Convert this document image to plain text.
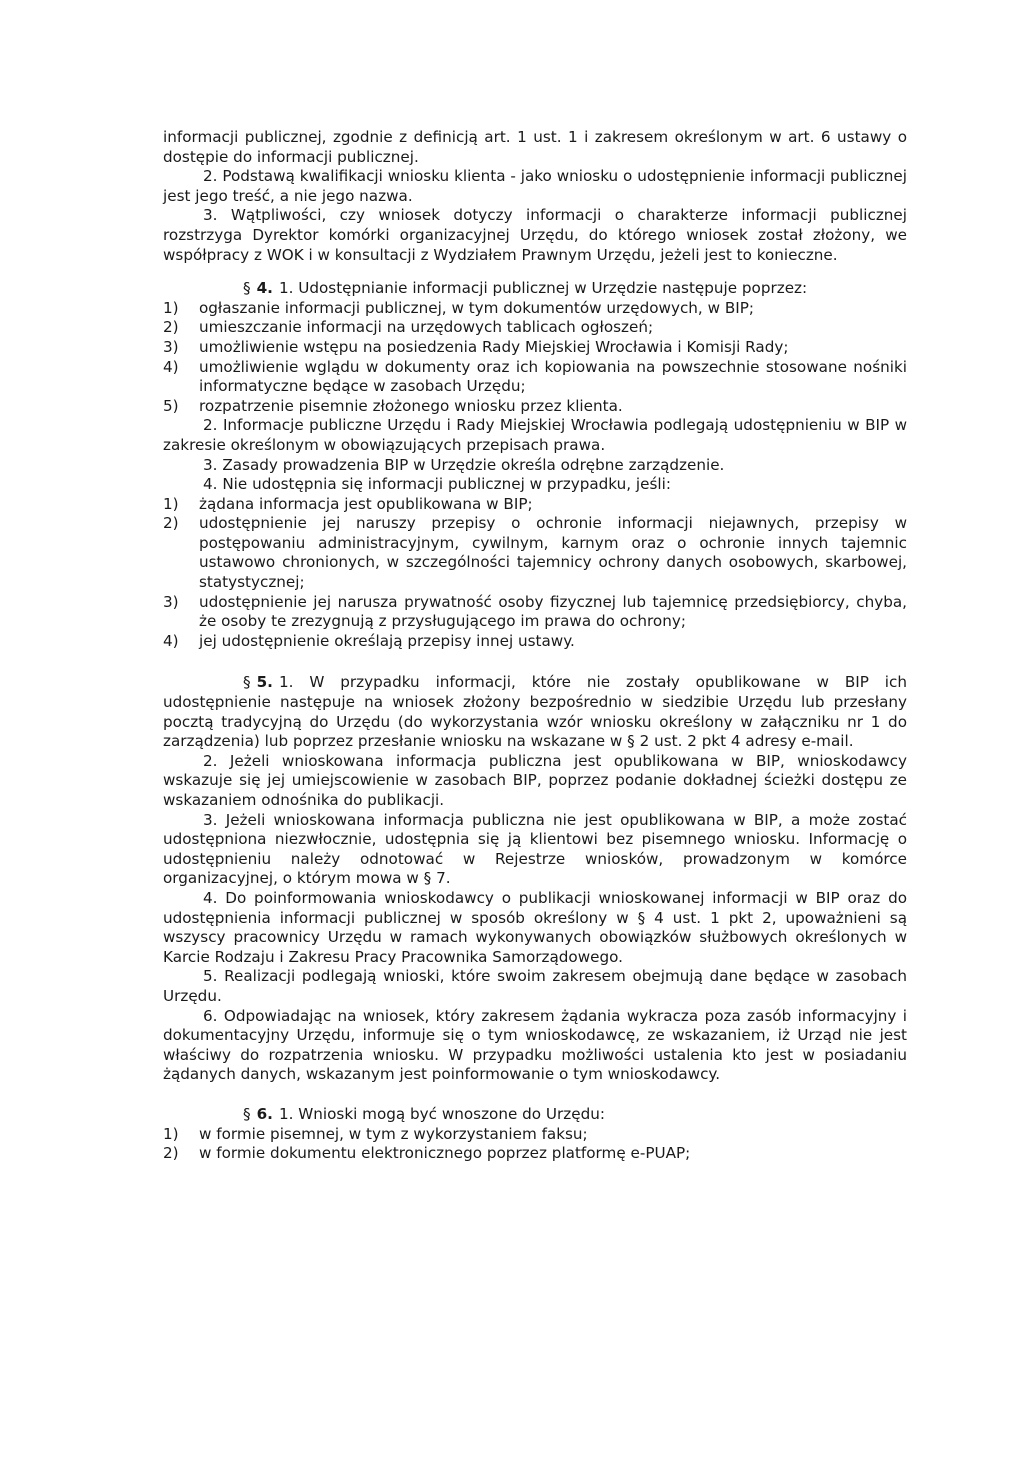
informacji publicznej, zgodnie z definicją art. 1 ust. 1 i zakresem określonym w art. 6 ustawy o dostępie do informacji publicznej.

2. Podstawą kwalifikacji wniosku klienta - jako wniosku o udostępnienie informacji publicznej jest jego treść, a nie jego nazwa.

3. Wątpliwości, czy wniosek dotyczy informacji o charakterze informacji publicznej rozstrzyga Dyrektor komórki organizacyjnej Urzędu, do którego wniosek został złożony, we współpracy z WOK i w konsultacji z Wydziałem Prawnym Urzędu, jeżeli jest to konieczne.

§ 4. 1. Udostępnianie informacji publicznej w Urzędzie następuje poprzez:

1) ogłaszanie informacji publicznej, w tym dokumentów urzędowych, w BIP;
2) umieszczanie informacji na urzędowych tablicach ogłoszeń;
3) umożliwienie wstępu na posiedzenia Rady Miejskiej Wrocławia i Komisji Rady;
4) umożliwienie wglądu w dokumenty oraz ich kopiowania na powszechnie stosowane nośniki informatyczne będące w zasobach Urzędu;
5) rozpatrzenie pisemnie złożonego wniosku przez klienta.

2. Informacje publiczne Urzędu i Rady Miejskiej Wrocławia podlegają udostępnieniu w BIP w zakresie określonym w obowiązujących przepisach prawa.

3. Zasady prowadzenia BIP w Urzędzie określa odrębne zarządzenie.

4. Nie udostępnia się informacji publicznej w przypadku, jeśli:

1) żądana informacja jest opublikowana w BIP;
2) udostępnienie jej naruszy przepisy o ochronie informacji niejawnych, przepisy w postępowaniu administracyjnym, cywilnym, karnym oraz o ochronie innych tajemnic ustawowo chronionych, w szczególności tajemnicy ochrony danych osobowych, skarbowej, statystycznej;
3) udostępnienie jej narusza prywatność osoby fizycznej lub tajemnicę przedsiębiorcy, chyba, że osoby te zrezygnują z przysługującego im prawa do ochrony;
4) jej udostępnienie określają przepisy innej ustawy.

§ 5. 1. W przypadku informacji, które nie zostały opublikowane w BIP ich udostępnienie następuje na wniosek złożony bezpośrednio w siedzibie Urzędu lub przesłany pocztą tradycyjną do Urzędu (do wykorzystania wzór wniosku określony w załączniku nr 1 do zarządzenia) lub poprzez przesłanie wniosku na wskazane w § 2 ust. 2 pkt 4 adresy e-mail.

2. Jeżeli wnioskowana informacja publiczna jest opublikowana w BIP, wnioskodawcy wskazuje się jej umiejscowienie w zasobach BIP, poprzez podanie dokładnej ścieżki dostępu ze wskazaniem odnośnika do publikacji.

3. Jeżeli wnioskowana informacja publiczna nie jest opublikowana w BIP, a może zostać udostępniona niezwłocznie, udostępnia się ją klientowi bez pisemnego wniosku. Informację o udostępnieniu należy odnotować w Rejestrze wniosków, prowadzonym w komórce organizacyjnej, o którym mowa w § 7.

4. Do poinformowania wnioskodawcy o publikacji wnioskowanej informacji w BIP oraz do udostępnienia informacji publicznej w sposób określony w § 4 ust. 1 pkt 2, upoważnieni są wszyscy pracownicy Urzędu w ramach wykonywanych obowiązków służbowych określonych w Karcie Rodzaju i Zakresu Pracy Pracownika Samorządowego.

5. Realizacji podlegają wnioski, które swoim zakresem obejmują dane będące w zasobach Urzędu.

6. Odpowiadając na wniosek, który zakresem żądania wykracza poza zasób informacyjny i dokumentacyjny Urzędu, informuje się o tym wnioskodawcę, ze wskazaniem, iż Urząd nie jest właściwy do rozpatrzenia wniosku. W przypadku możliwości ustalenia kto jest w posiadaniu żądanych danych, wskazanym jest poinformowanie o tym wnioskodawcy.

§ 6. 1. Wnioski mogą być wnoszone do Urzędu:

1) w formie pisemnej, w tym z wykorzystaniem faksu;
2) w formie dokumentu elektronicznego poprzez platformę e-PUAP;
